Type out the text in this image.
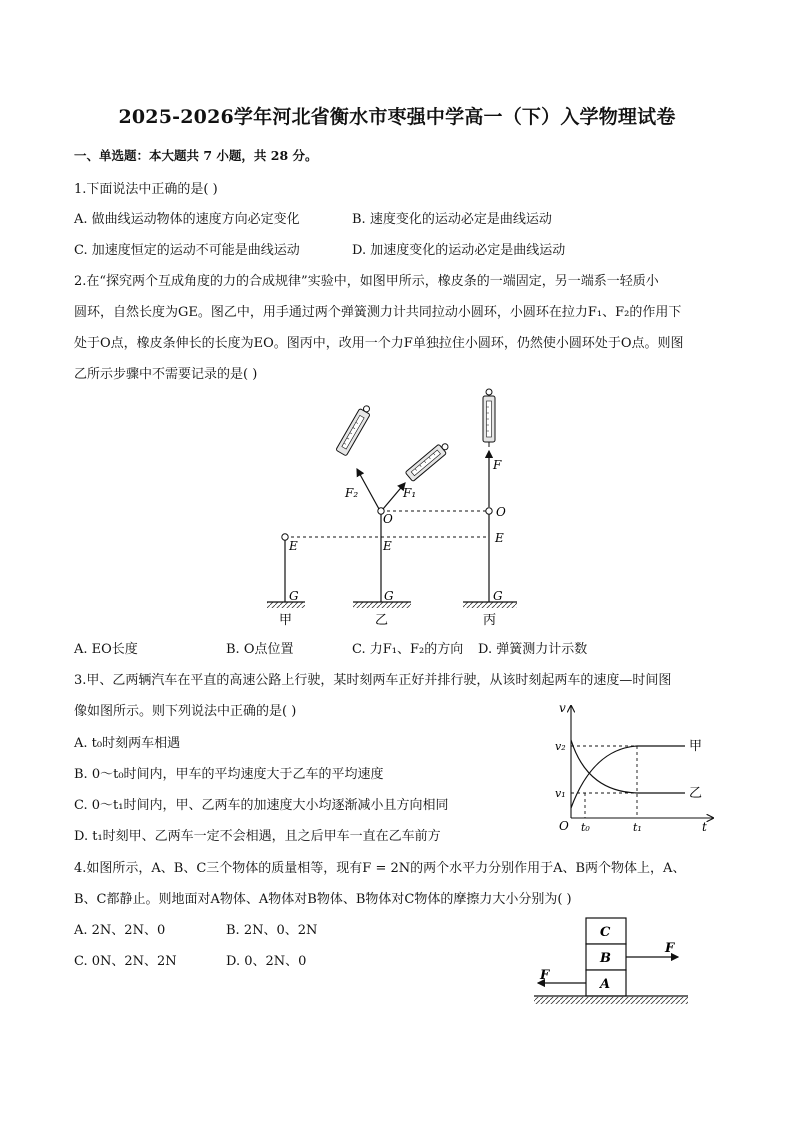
2025-2026学年河北省衡水市枣强中学高一（下）入学物理试卷
一、单选题：本大题共 7 小题，共 28 分。
1.下面说法中正确的是( )
A. 做曲线运动物体的速度方向必定变化	B. 速度变化的运动必定是曲线运动
C. 加速度恒定的运动不可能是曲线运动	D. 加速度变化的运动必定是曲线运动
2.在“探究两个互成角度的力的合成规律”实验中，如图甲所示，橡皮条的一端固定，另一端系一轻质小
圆环，自然长度为GE。图乙中，用手通过两个弹簧测力计共同拉动小圆环，小圆环在拉力F₁、F₂的作用下
处于O点，橡皮条伸长的长度为EO。图丙中，改用一个力F单独拉住小圆环，仍然使小圆环处于O点。则图
乙所示步骤中不需要记录的是( )
E
G
甲
F₂	F₁
O
E
G
乙
F
O
E
G
丙
A. EO长度	B. O点位置	C. 力F₁、F₂的方向 D. 弹簧测力计示数
3.甲、乙两辆汽车在平直的高速公路上行驶，某时刻两车正好并排行驶，从该时刻起两车的速度—时间图
像如图所示。则下列说法中正确的是( )
A. t₀时刻两车相遇
B. 0～t₀时间内，甲车的平均速度大于乙车的平均速度
C. 0～t₁时间内，甲、乙两车的加速度大小均逐渐减小且方向相同
D. t₁时刻甲、乙两车一定不会相遇，且之后甲车一直在乙车前方
v
v₂
v₁
O t₀	t₁	t
甲
乙
4.如图所示，A、B、C三个物体的质量相等，现有F = 2N的两个水平力分别作用于A、B两个物体上，A、
B、C都静止。则地面对A物体、A物体对B物体、B物体对C物体的摩擦力大小分别为( )
A. 2N、2N、0	B. 2N、0、2N
C. 0N、2N、2N	D. 0、2N、0
C
B
A
F
F
